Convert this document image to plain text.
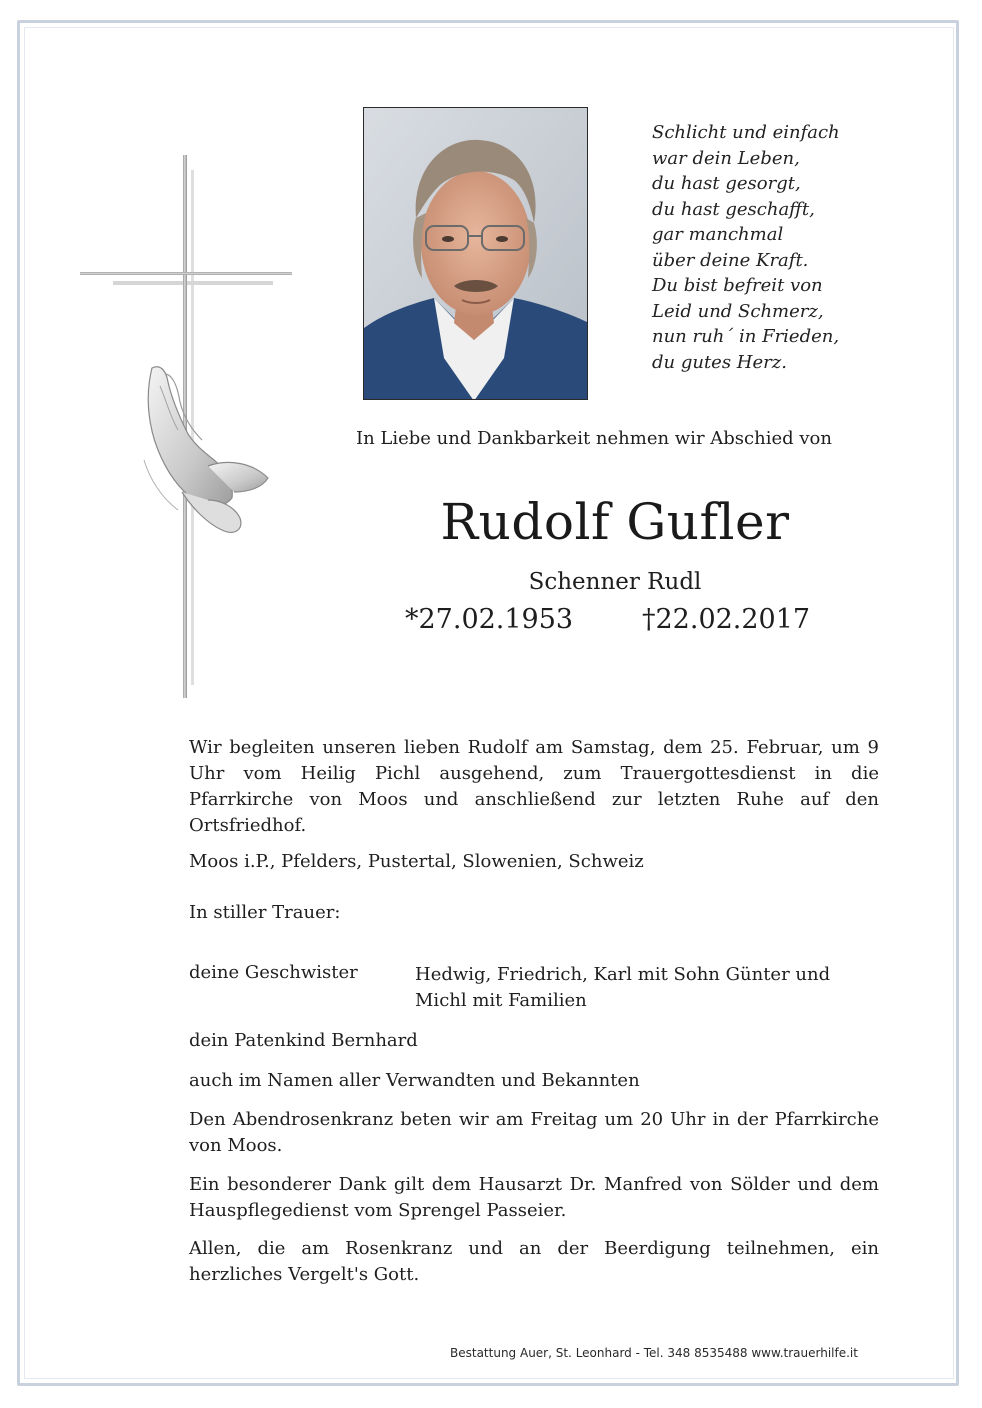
Schlicht und einfach
war dein Leben,
du hast gesorgt,
du hast geschafft,
gar manchmal
über deine Kraft.
Du bist befreit von
Leid und Schmerz,
nun ruh´ in Frieden,
du gutes Herz.
In Liebe und Dankbarkeit nehmen wir Abschied von
Rudolf Gufler
Schenner Rudl
*27.02.1953	†22.02.2017
Wir begleiten unseren lieben Rudolf am Samstag, dem 25. Februar, um 9 Uhr vom Heilig Pichl ausgehend, zum Trauergottesdienst in die Pfarrkirche von Moos und anschließend zur letzten Ruhe auf den Ortsfriedhof.
Moos i.P., Pfelders, Pustertal, Slowenien, Schweiz
In stiller Trauer:
deine Geschwister	Hedwig, Friedrich, Karl mit Sohn Günter und Michl mit Familien
dein Patenkind Bernhard
auch im Namen aller Verwandten und Bekannten
Den Abendrosenkranz beten wir am Freitag um 20 Uhr in der Pfarrkirche von Moos.
Ein besonderer Dank gilt dem Hausarzt Dr. Manfred von Sölder und dem Hauspflegedienst vom Sprengel Passeier.
Allen, die am Rosenkranz und an der Beerdigung teilnehmen, ein herzliches Vergelt's Gott.
Bestattung Auer, St. Leonhard - Tel. 348 8535488 www.trauerhilfe.it
